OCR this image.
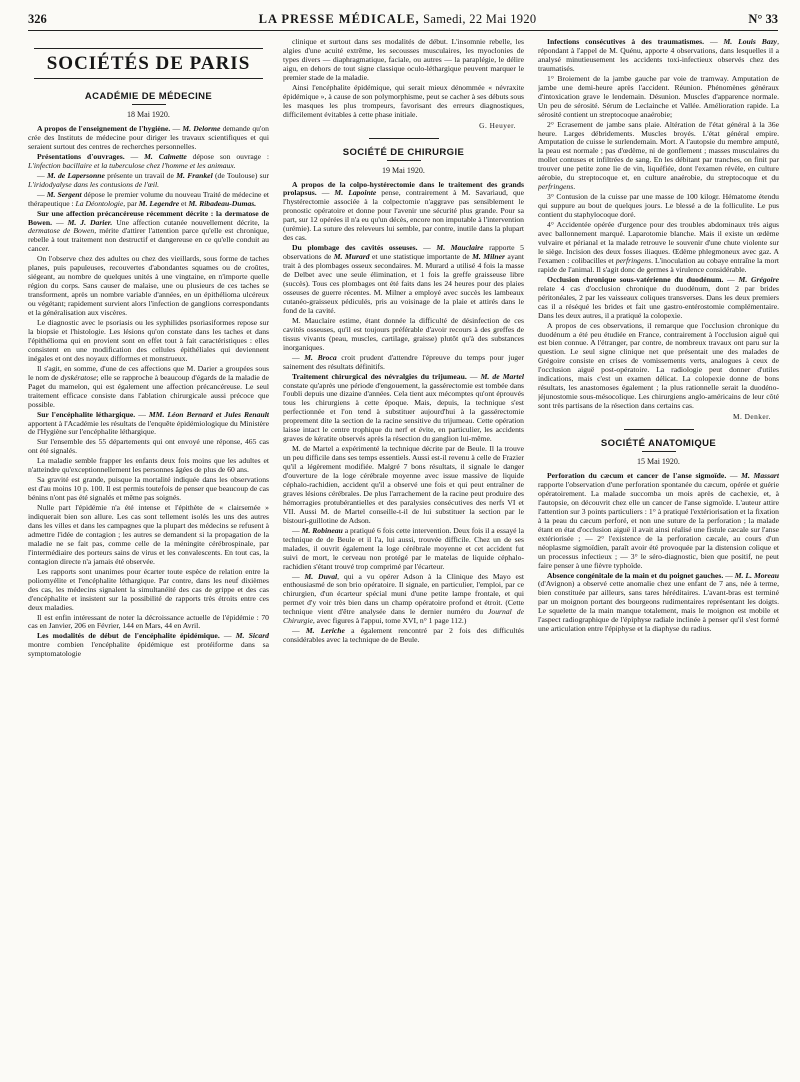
326	LA PRESSE MÉDICALE, Samedi, 22 Mai 1920	N° 33
SOCIÉTÉS DE PARIS
ACADÉMIE DE MÉDECINE
18 Mai 1920.

A propos de l'enseignement de l'hygiène. — M. Delorme demande qu'on crée des Instituts de médecine pour diriger les travaux scientifiques et qui seraient surtout des centres de recherches personnelles.

Présentations d'ouvrages. — M. Calmette dépose son ouvrage : L'infection bacillaire et la tuberculose chez l'homme et les animaux.

— M. de Lapersonne présente un travail de M. Frankel (de Toulouse) sur L'iridodyalyse dans les contusions de l'œil.

— M. Sergent dépose le premier volume du nouveau Traité de médecine et thérapeutique : La Déontologie, par M. Legendre et M. Ribadeau-Dumas.

Sur une affection précancéreuse récemment décrite : la dermatose de Bowen. — M. J. Darier. Une affection cutanée nouvellement décrite, la dermatose de Bowen, mérite d'attirer l'attention parce qu'elle est chronique, rebelle à tout traitement non destructif et dangereuse en ce qu'elle conduit au cancer.

On l'observe chez des adultes ou chez des vieillards, sous forme de taches planes, puis papuleuses, recouvertes d'abondantes squames ou de croûtes, siégeant, au nombre de quelques unités à une vingtaine, en n'importe quelle région du corps. Sans causer de malaise, une ou plusieurs de ces taches se transforment, après un nombre variable d'années, en un épithélioma ulcéreux ou végétant; rapidement survient alors l'infection de ganglions correspondants et la généralisation aux viscères.

Le diagnostic avec le psoriasis ou les syphilides psoriasiformes repose sur la biopsie et l'histologie. Les lésions qu'on constate dans les taches et dans l'épithélioma qui en provient sont en effet tout à fait caractéristiques : elles consistent en une modification des cellules épithéliales qui deviennent inégales et ont des noyaux difformes et monstrueux.

Il s'agit, en somme, d'une de ces affections que M. Darier a groupées sous le nom de dyskératose; elle se rapproche à beaucoup d'égards de la maladie de Paget du mamelon, qui est également une affection précancéreuse. Le seul traitement efficace consiste dans l'ablation chirurgicale aussi précoce que possible.

Sur l'encéphalite léthargique. — MM. Léon Bernard et Jules Renault apportent à l'Académie les résultats de l'enquête épidémiologique du Ministère de l'Hygiène sur l'encéphalite léthargique.

Sur l'ensemble des 55 départements qui ont envoyé une réponse, 465 cas ont été signalés.

La maladie semble frapper les enfants deux fois moins que les adultes et n'atteindre qu'exceptionnellement les personnes âgées de plus de 60 ans.

Sa gravité est grande, puisque la mortalité indiquée dans les observations est d'au moins 10 p. 100. Il est permis toutefois de penser que beaucoup de cas bénins n'ont pas été signalés et même pas soignés.

Nulle part l'épidémie n'a été intense et l'épithète de « clairsemée » indiquerait bien son allure. Les cas sont tellement isolés les uns des autres dans les villes et dans les campagnes que la plupart des médecins se refusent à admettre l'idée de contagion ; les autres se demandent si la propagation de la maladie ne se fait pas, comme celle de la méningite cérébrospinale, par l'intermédiaire des porteurs sains de virus et les convalescents. En tout cas, la contagion directe n'a jamais été observée.

Les rapports sont unanimes pour écarter toute espèce de relation entre la poliomyélite et l'encéphalite léthargique. Par contre, dans les neuf dixièmes des cas, les médecins signalent la simultanéité des cas de grippe et des cas d'encéphalite et insistent sur la possibilité de rapports très étroits entre ces deux maladies.

Il est enfin intéressant de noter la décroissance actuelle de l'épidémie : 70 cas en Janvier, 206 en Février, 144 en Mars, 44 en Avril.

Les modalités de début de l'encéphalite épidémique. — M. Sicard montre combien l'encéphalite épidémique est protéiforme dans sa symptomatologie

clinique et surtout dans ses modalités de début. L'insomnie rebelle, les algies d'une acuité extrême, les secousses musculaires, les myoclonies de types divers — diaphragmatique, faciale, ou autres — la paraplégie, le délire aigu, en dehors de tout signe classique oculo-léthargique peuvent marquer le premier stade de la maladie.

Ainsi l'encéphalite épidémique, qui serait mieux dénommée « névraxite épidémique », à cause de son polymorphisme, peut se cacher à ses débuts sous les masques les plus trompeurs, favorisant des erreurs diagnostiques, difficilement évitables à cette phase initiale.

G. Heuyer.
SOCIÉTÉ DE CHIRURGIE
19 Mai 1920.

A propos de la colpo-hystérectomie dans le traitement des grands prolapsus. — M. Lapointe pense, contrairement à M. Savariaud, que l'hystérectomie associée à la colpectomie n'aggrave pas sensiblement le pronostic opératoire et donne pour l'avenir une sécurité plus grande. Pour sa part, sur 12 opérées il n'a eu qu'un décès, encore non imputable à l'intervention (urémie). La suture des releveurs lui semble, par contre, inutile dans la plupart des cas.

Du plombage des cavités osseuses. — M. Mauclaire rapporte 5 observations de M. Murard et une statistique importante de M. Milner ayant trait à des plombages osseux secondaires. M. Murard a utilisé 4 fois la masse de Delbet avec une seule élimination, et 1 fois la greffe graisseuse libre (succès). Tous ces plombages ont été faits dans les 24 heures pour des plaies osseuses de guerre récentes. M. Milner a employé avec succès les lambeaux cutanéo-graisseux pédiculés, pris au voisinage de la plaie et attirés dans le fond de la cavité.

M. Mauclaire estime, étant donnée la difficulté de désinfection de ces cavités osseuses, qu'il est toujours préférable d'avoir recours à des greffes de tissus vivants (peau, muscles, cartilage, graisse) plutôt qu'à des substances inorganiques.

— M. Broca croit prudent d'attendre l'épreuve du temps pour juger sainement des résultats définitifs.

Traitement chirurgical des névralgies du trijumeau. — M. de Martel constate qu'après une période d'engouement, la gassérectomie est tombée dans l'oubli depuis une dizaine d'années. Cela tient aux mécomptes qu'ont éprouvés tous les chirurgiens à cette époque. Mais, depuis, la technique s'est perfectionnée et l'on tend à substituer aujourd'hui à la gassérectomie proprement dite la section de la racine sensitive du trijumeau. Cette opération laisse intact le centre trophique du nerf et évite, en particulier, les accidents graves de kératite observés après la résection du ganglion lui-même.

M. de Martel a expérimenté la technique décrite par de Beule. Il la trouve un peu difficile dans ses temps essentiels. Aussi est-il revenu à celle de Frazier qu'il a légèrement modifiée. Malgré 7 bons résultats, il signale le danger d'ouverture de la loge cérébrale moyenne avec issue massive de liquide céphalo-rachidien, accident qu'il a observé une fois et qui peut entraîner de graves lésions cérébrales. De plus l'arrachement de la racine peut produire des hémorragies protubérantielles et des paralysies consécutives des nerfs VI et VII. Aussi M. de Martel conseille-t-il de lui substituer la section par le bistouri-guillotine de Adson.

— M. Robineau a pratiqué 6 fois cette intervention. Deux fois il a essayé la technique de de Beule et il l'a, lui aussi, trouvée difficile. Chez un de ses malades, il ouvrit également la loge cérébrale moyenne et cet accident fut suivi de mort, le cerveau non protégé par le matelas de liquide céphalo-rachidien s'étant trouvé trop comprimé par l'écarteur.

— M. Duval, qui a vu opérer Adson à la Clinique des Mayo est enthousiasmé de son brio opératoire. Il signale, en particulier, l'emploi, par ce chirurgien, d'un écarteur spécial muni d'une petite lampe frontale, et qui permet d'y voir très bien dans un champ opératoire profond et étroit. (Cette technique vient d'être analysée dans le dernier numéro du Journal de Chirurgie, avec figures à l'appui, tome XVI, n° 1 page 112.)

— M. Leriche a également rencontré par 2 fois des difficultés considérables avec la technique de de Beule.

Infections consécutives à des traumatismes. — M. Louis Bazy, répondant à l'appel de M. Quénu, apporte 4 observations, dans lesquelles il a analysé minutieusement les accidents toxi-infectieux observés chez des traumatisés.

1° Broiement de la jambe gauche par voie de tramway. Amputation de jambe une demi-heure après l'accident. Réunion. Phénomènes généraux d'intoxication grave le lendemain. Désunion. Muscles d'apparence normale. Un peu de sérosité. Sérum de Leclainche et Vallée. Amélioration rapide. La sérosité contient un streptocoque anaérobie;

2° Ecrasement de jambe sans plaie. Altération de l'état général à la 36e heure. Larges débridements. Muscles broyés. L'état général empire. Amputation de cuisse le surlendemain. Mort. A l'autopsie du membre amputé, la peau est normale ; pas d'œdème, ni de gonflement ; masses musculaires du mollet contuses et infiltrées de sang. En les débitant par tranches, on finit par trouver une petite zone lie de vin, liquéfiée, dont l'examen révèle, en culture aérobie, du streptocoque et, en culture anaérobie, du streptocoque et du perfringens.

3° Contusion de la cuisse par une masse de 100 kilogr. Hématome étendu qui suppure au bout de quelques jours. Le blessé a de la folliculite. Le pus contient du staphylocoque doré.

4° Accidentée opérée d'urgence pour des troubles abdominaux très aigus avec ballonnement marqué. Laparotomie blanche. Mais il existe un œdème vulvaire et périanal et la malade retrouve le souvenir d'une chute violente sur le siège. Incision des deux fosses iliaques. Œdème phlegmoneux avec gaz. A l'examen : colibacilles et perfringens. L'inoculation au cobaye entraîne la mort rapide de l'animal. Il s'agit donc de germes à virulence considérable.

Occlusion chronique sous-vatérienne du duodénum. — M. Grégoire relate 4 cas d'occlusion chronique du duodénum, dont 2 par brides péritonéales, 2 par les vaisseaux coliques transverses. Dans les deux premiers cas il a réséqué les brides et fait une gastro-entérostomie complémentaire. Dans les deux autres, il a pratiqué la colopexie.

A propos de ces observations, il remarque que l'occlusion chronique du duodénum a été peu étudiée en France, contrairement à l'occlusion aiguë qui est bien connue. A l'étranger, par contre, de nombreux travaux ont paru sur la question. Le seul signe clinique net que présentait une des malades de Grégoire consiste en crises de vomissements verts, analogues à ceux de l'occlusion aiguë post-opératoire. La radiologie peut donner d'utiles indications, mais c'est un examen délicat. La colopexie donne de bons résultats, les anastomoses également ; la plus rationnelle serait la duodéno-jéjunostomie sous-mésocolique. Les chirurgiens anglo-américains de leur côté sont très partisans de la résection dans certains cas.

M. Denker.
SOCIÉTÉ ANATOMIQUE
15 Mai 1920.

Perforation du cæcum et cancer de l'anse sigmoïde. — M. Massart rapporte l'observation d'une perforation spontanée du cæcum, opérée et guérie opératoirement. La malade succomba un mois après de cachexie, et, à l'autopsie, on découvrit chez elle un cancer de l'anse sigmoïde. L'auteur attire l'attention sur 3 points particuliers : 1° à pratiqué l'extériorisation et la fixation à la peau du cæcum perforé, et non une suture de la perforation ; la malade étant en état d'occlusion aiguë il avait ainsi réalisé une fistule cæcale sur l'anse extériorisée ; — 2° l'existence de la perforation cæcale, au cours d'un néoplasme sigmoïdien, paraît avoir été provoquée par la distension colique et un processus infectieux ; — 3° le séro-diagnostic, bien que positif, ne peut faire penser à une fièvre typhoïde.

Absence congénitale de la main et du poignet gauches. — M. L. Moreau (d'Avignon) a observé cette anomalie chez une enfant de 7 ans, née à terme, bien constituée par ailleurs, sans tares héréditaires. L'avant-bras est terminé par un moignon portant des bourgeons rudimentaires représentant les doigts. Le squelette de la main manque totalement, mais le moignon est mobile et l'aspect radiographique de l'épiphyse radiale inclinée à penser qu'il s'est formé une articulation entre l'épiphyse et la diaphyse du radius.
